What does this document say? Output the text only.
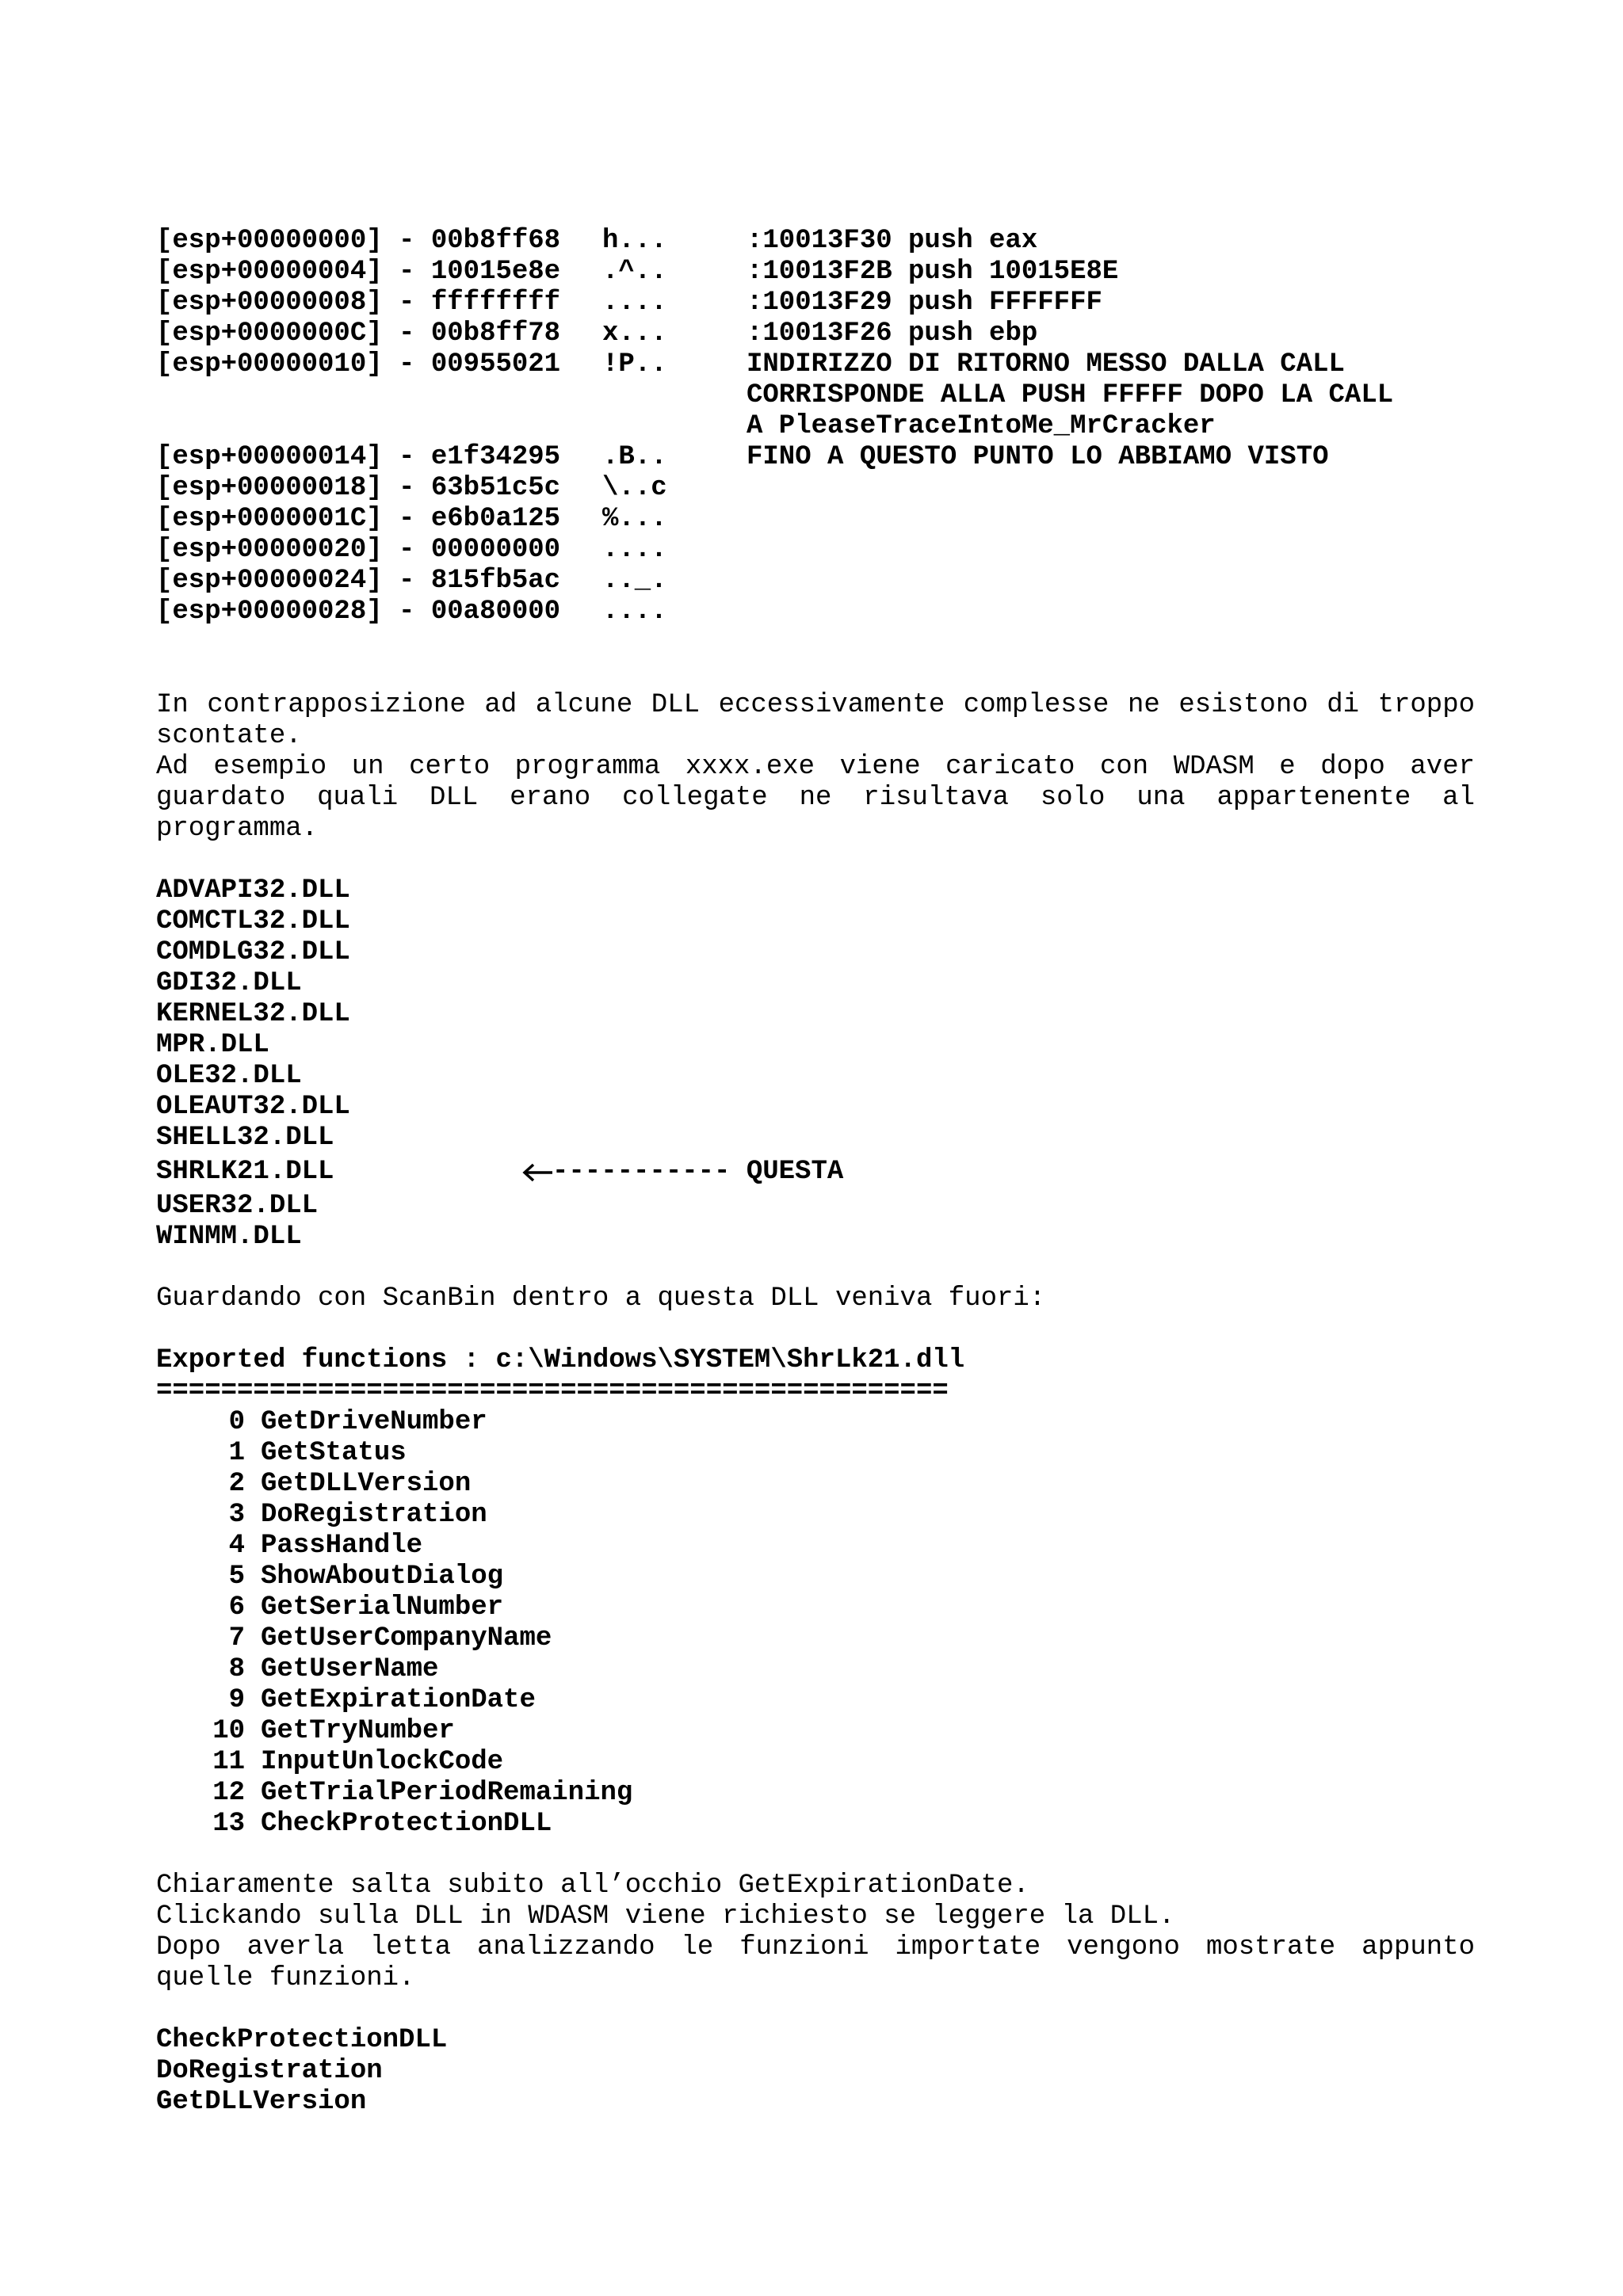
[esp+00000000] - 00b8ff68	h...	:10013F30 push eax
[esp+00000004] - 10015e8e	.^..	:10013F2B push 10015E8E
[esp+00000008] - ffffffff	....	:10013F29 push FFFFFFF
[esp+0000000C] - 00b8ff78	x...	:10013F26 push ebp
[esp+00000010] - 00955021	!P..	INDIRIZZO DI RITORNO MESSO DALLA CALL
CORRISPONDE ALLA PUSH FFFFF DOPO LA CALL
A PleaseTraceIntoMe_MrCracker
[esp+00000014] - e1f34295	.B..	FINO A QUESTO PUNTO LO ABBIAMO VISTO
[esp+00000018] - 63b51c5c	\..c
[esp+0000001C] - e6b0a125	%...
[esp+00000020] - 00000000	....
[esp+00000024] - 815fb5ac	.._.
[esp+00000028] - 00a80000	....
In contrapposizione ad alcune DLL eccessivamente complesse ne esistono di troppo
scontate.
Ad esempio un certo programma xxxx.exe viene caricato con WDASM e dopo aver
guardato quali DLL erano collegate ne risultava solo una appartenente al
programma.
ADVAPI32.DLL
COMCTL32.DLL
COMDLG32.DLL
GDI32.DLL
KERNEL32.DLL
MPR.DLL
OLE32.DLL
OLEAUT32.DLL
SHELL32.DLL
SHRLK21.DLL	----------- QUESTA
USER32.DLL
WINMM.DLL
Guardando con ScanBin dentro a questa DLL veniva fuori:
Exported functions : c:\Windows\SYSTEM\ShrLk21.dll
=================================================
0 GetDriveNumber
1 GetStatus
2 GetDLLVersion
3 DoRegistration
4 PassHandle
5 ShowAboutDialog
6 GetSerialNumber
7 GetUserCompanyName
8 GetUserName
9 GetExpirationDate
10 GetTryNumber
11 InputUnlockCode
12 GetTrialPeriodRemaining
13 CheckProtectionDLL
Chiaramente salta subito all’occhio GetExpirationDate.
Clickando sulla DLL in WDASM viene richiesto se leggere la DLL.
Dopo averla letta analizzando le funzioni importate vengono mostrate appunto
quelle funzioni.
CheckProtectionDLL
DoRegistration
GetDLLVersion
